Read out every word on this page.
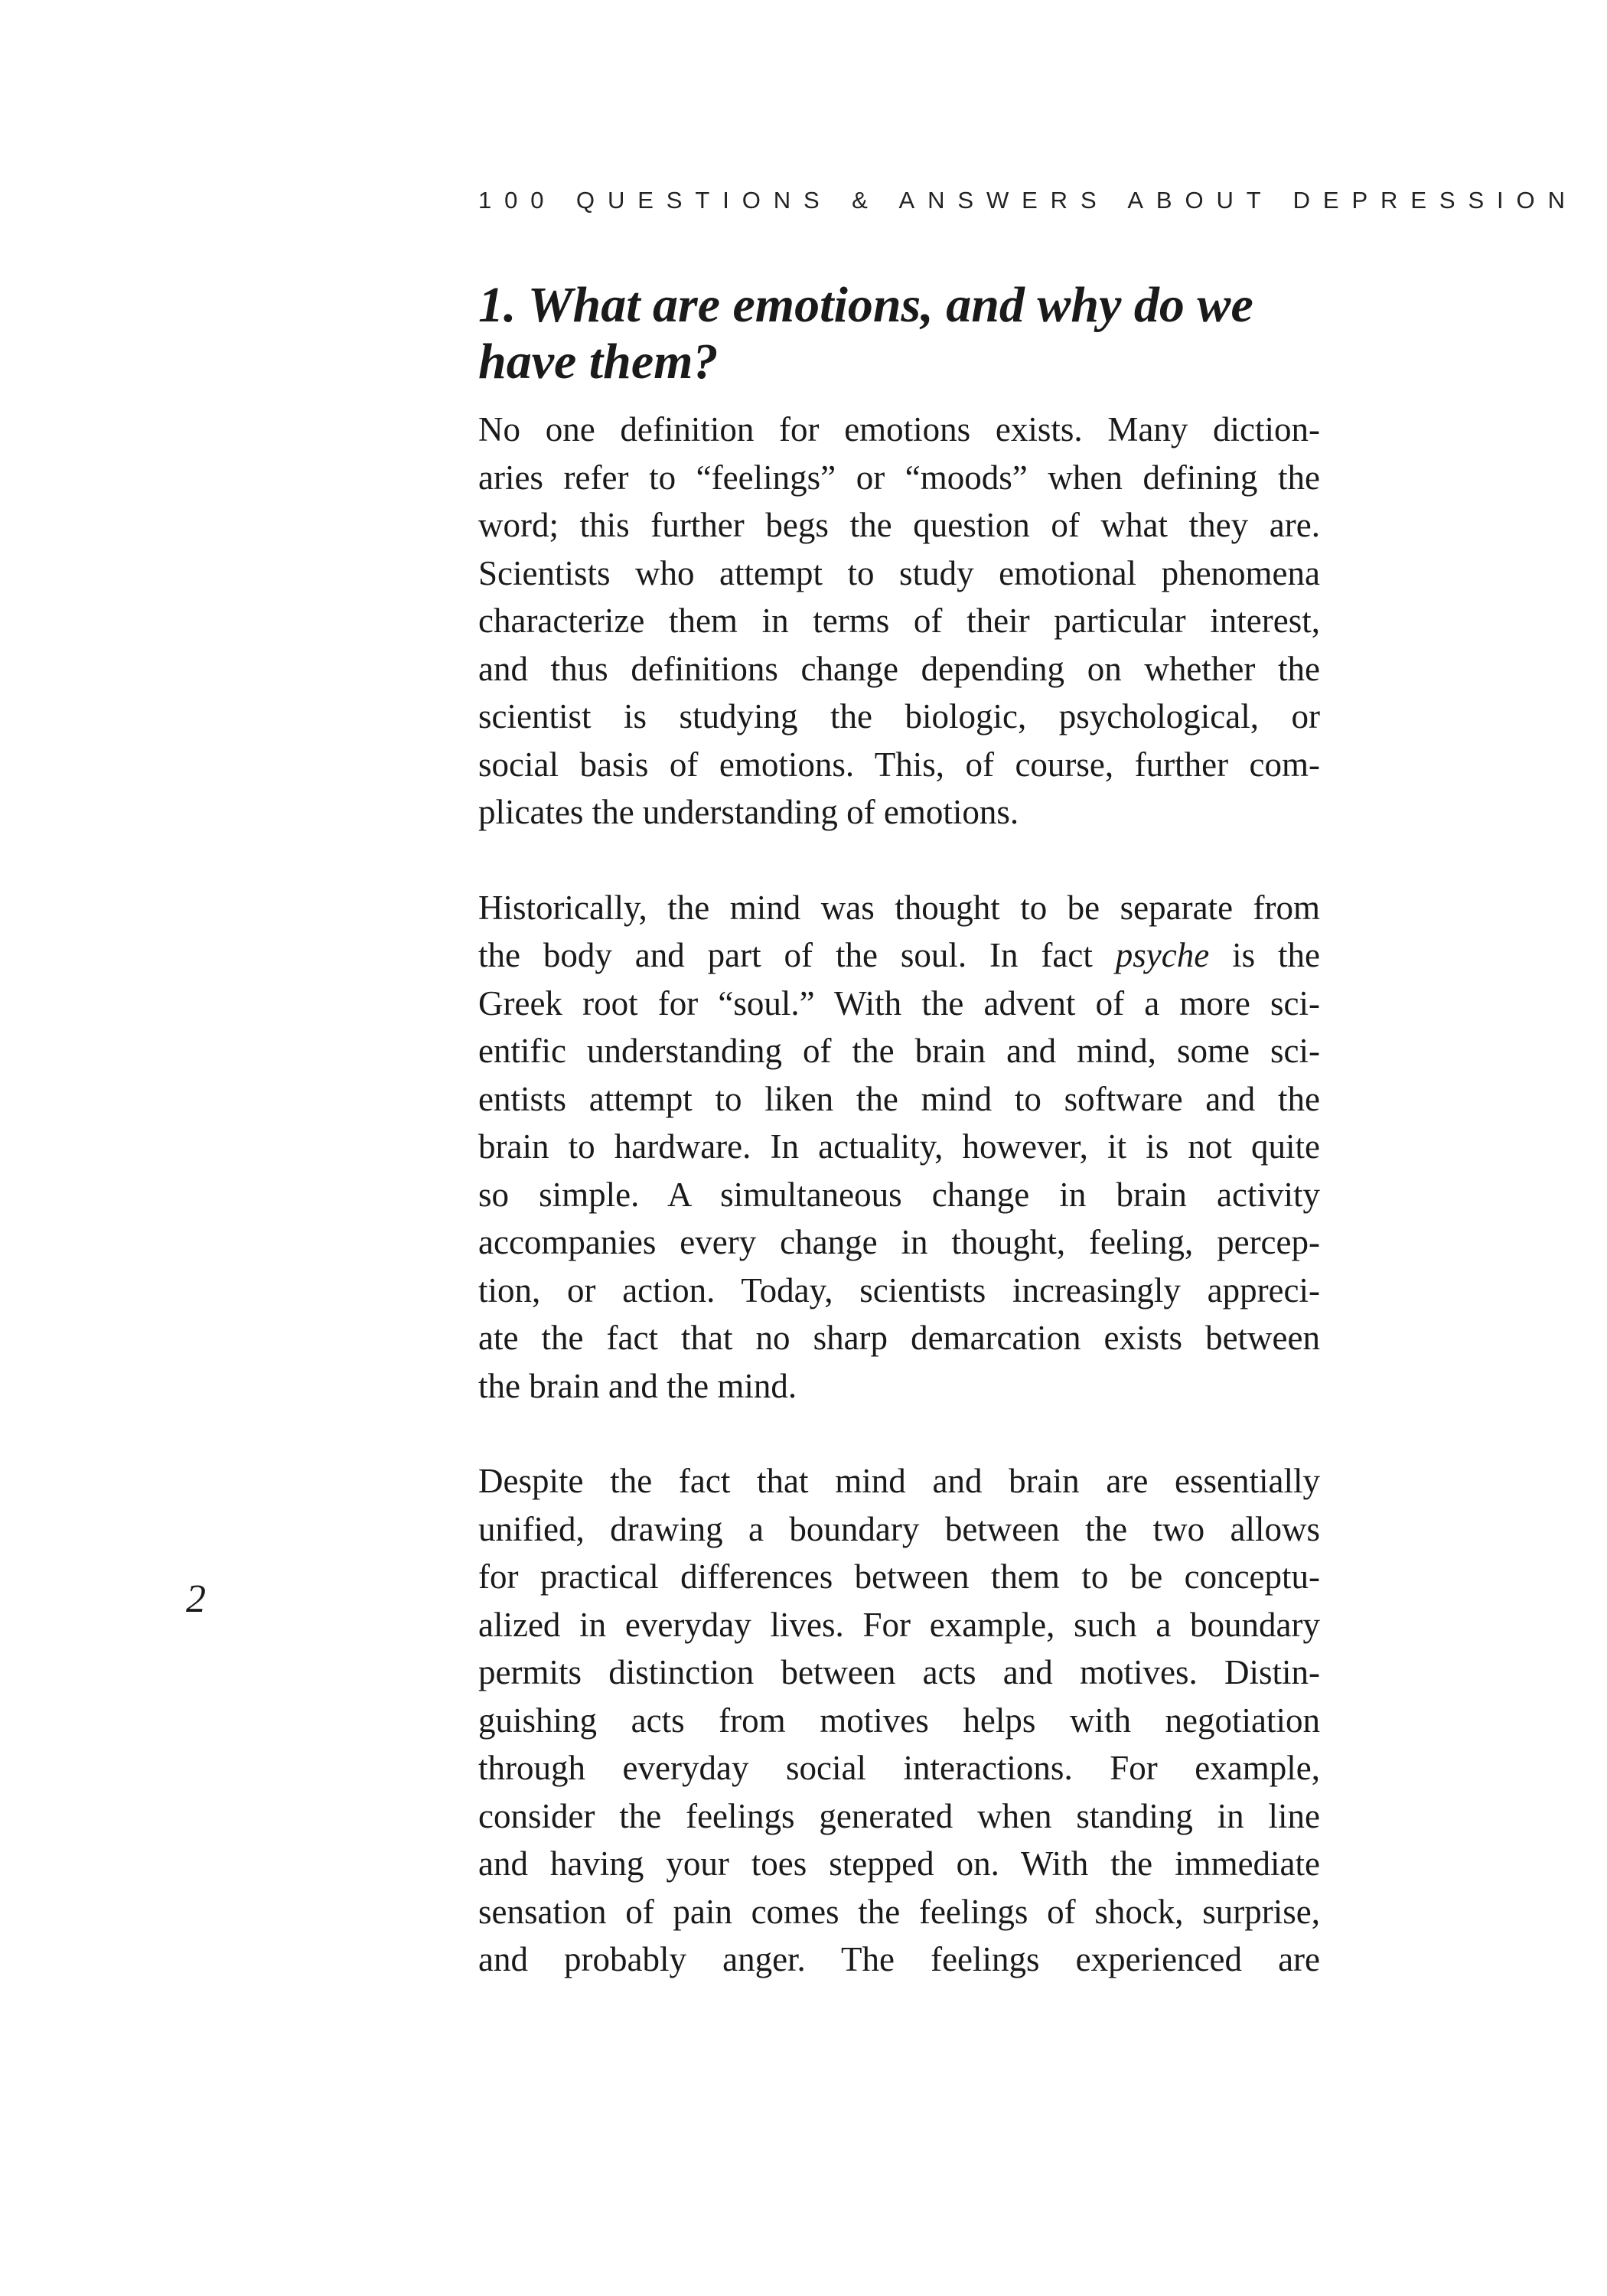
100 QUESTIONS & ANSWERS ABOUT DEPRESSION
1. What are emotions, and why do we
have them?

No one definition for emotions exists. Many diction-
aries refer to “feelings” or “moods” when defining the
word; this further begs the question of what they are.
Scientists who attempt to study emotional phenomena
characterize them in terms of their particular interest,
and thus definitions change depending on whether the
scientist is studying the biologic, psychological, or
social basis of emotions. This, of course, further com-
plicates the understanding of emotions.

Historically, the mind was thought to be separate from
the body and part of the soul. In fact psyche is the
Greek root for “soul.” With the advent of a more sci-
entific understanding of the brain and mind, some sci-
entists attempt to liken the mind to software and the
brain to hardware. In actuality, however, it is not quite
so simple. A simultaneous change in brain activity
accompanies every change in thought, feeling, percep-
tion, or action. Today, scientists increasingly appreci-
ate the fact that no sharp demarcation exists between
the brain and the mind.

Despite the fact that mind and brain are essentially
unified, drawing a boundary between the two allows
for practical differences between them to be conceptu-
alized in everyday lives. For example, such a boundary
permits distinction between acts and motives. Distin-
guishing acts from motives helps with negotiation
through everyday social interactions. For example,
consider the feelings generated when standing in line
and having your toes stepped on. With the immediate
sensation of pain comes the feelings of shock, surprise,
and probably anger. The feelings experienced are

2
